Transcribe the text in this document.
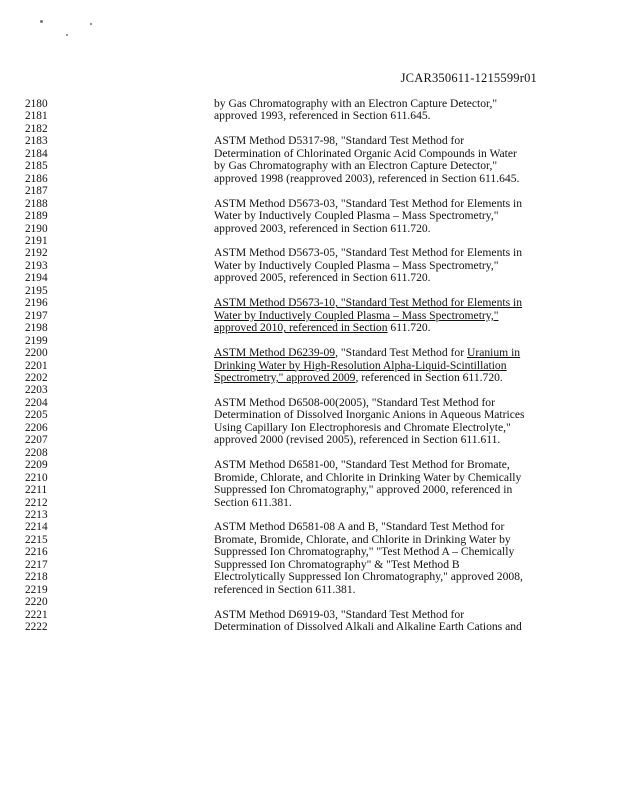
JCAR350611-1215599r01
2180	by Gas Chromatography with an Electron Capture Detector,"
2181	approved 1993, referenced in Section 611.645.
2182
2183	ASTM Method D5317-98, "Standard Test Method for
2184	Determination of Chlorinated Organic Acid Compounds in Water
2185	by Gas Chromatography with an Electron Capture Detector,"
2186	approved 1998 (reapproved 2003), referenced in Section 611.645.
2187
2188	ASTM Method D5673-03, "Standard Test Method for Elements in
2189	Water by Inductively Coupled Plasma – Mass Spectrometry,"
2190	approved 2003, referenced in Section 611.720.
2191
2192	ASTM Method D5673-05, "Standard Test Method for Elements in
2193	Water by Inductively Coupled Plasma – Mass Spectrometry,"
2194	approved 2005, referenced in Section 611.720.
2195
2196	ASTM Method D5673-10, "Standard Test Method for Elements in
2197	Water by Inductively Coupled Plasma – Mass Spectrometry,"
2198	approved 2010, referenced in Section 611.720.
2199
2200	ASTM Method D6239-09, "Standard Test Method for Uranium in
2201	Drinking Water by High-Resolution Alpha-Liquid-Scintillation
2202	Spectrometry," approved 2009, referenced in Section 611.720.
2203
2204	ASTM Method D6508-00(2005), "Standard Test Method for
2205	Determination of Dissolved Inorganic Anions in Aqueous Matrices
2206	Using Capillary Ion Electrophoresis and Chromate Electrolyte,"
2207	approved 2000 (revised 2005), referenced in Section 611.611.
2208
2209	ASTM Method D6581-00, "Standard Test Method for Bromate,
2210	Bromide, Chlorate, and Chlorite in Drinking Water by Chemically
2211	Suppressed Ion Chromatography," approved 2000, referenced in
2212	Section 611.381.
2213
2214	ASTM Method D6581-08 A and B, "Standard Test Method for
2215	Bromate, Bromide, Chlorate, and Chlorite in Drinking Water by
2216	Suppressed Ion Chromatography," "Test Method A – Chemically
2217	Suppressed Ion Chromatography" & "Test Method B
2218	Electrolytically Suppressed Ion Chromatography," approved 2008,
2219	referenced in Section 611.381.
2220
2221	ASTM Method D6919-03, "Standard Test Method for
2222	Determination of Dissolved Alkali and Alkaline Earth Cations and
